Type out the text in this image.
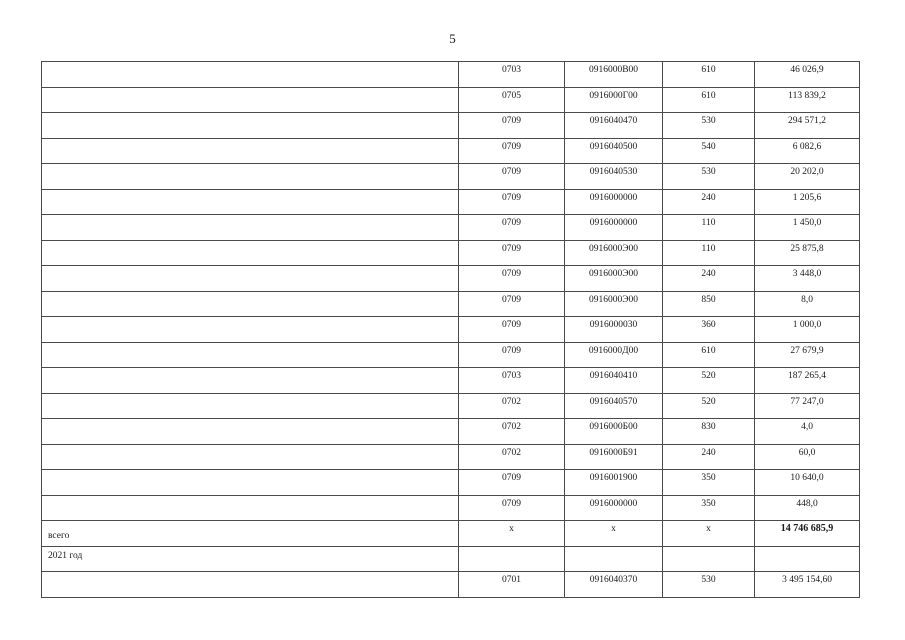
5

	0703	0916000В00	610	46 026,9

	0705	0916000Г00	610	113 839,2

	0709	0916040470	530	294 571,2

	0709	0916040500	540	6 082,6

	0709	0916040530	530	20 202,0

	0709	0916000000	240	1 205,6

	0709	0916000000	110	1 450,0

	0709	0916000Э00	110	25 875,8

	0709	0916000Э00	240	3 448,0

	0709	0916000Э00	850	8,0

	0709	0916000030	360	1 000,0

	0709	0916000Д00	610	27 679,9

	0703	0916040410	520	187 265,4

	0702	0916040570	520	77 247,0

	0702	0916000Б00	830	4,0

	0702	0916000Б91	240	60,0

	0709	0916001900	350	10 640,0

	0709	0916000000	350	448,0

всего	х	х	х	14 746 685,9

2021 год				

	0701	0916040370	530	3 495 154,60
